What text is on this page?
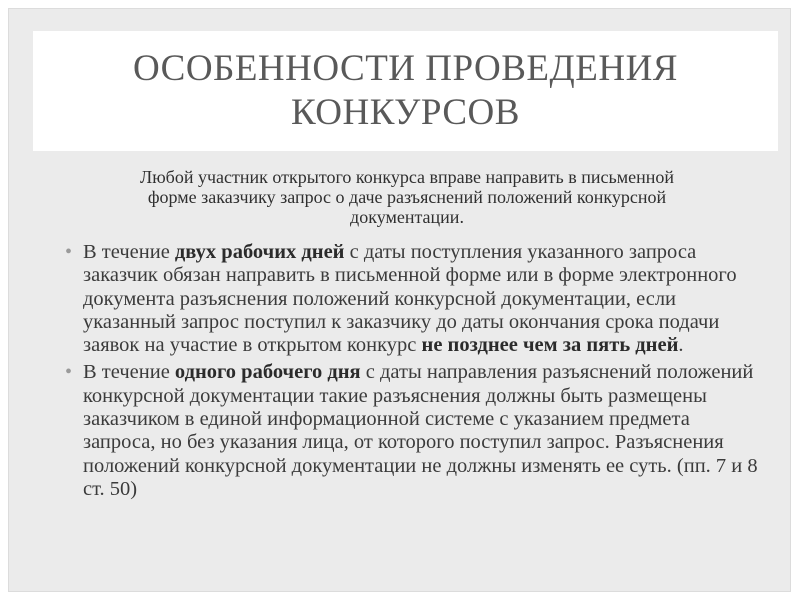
ОСОБЕННОСТИ ПРОВЕДЕНИЯ
КОНКУРСОВ
Любой участник открытого конкурса вправе направить в письменной
форме заказчику запрос о даче разъяснений положений конкурсной
документации.
• В течение двух рабочих дней с даты поступления указанного запроса заказчик обязан направить в письменной форме или в форме электронного документа разъяснения положений конкурсной документации, если указанный запрос поступил к заказчику до даты окончания срока подачи заявок на участие в открытом конкурс не позднее чем за пять дней.
• В течение одного рабочего дня с даты направления разъяснений положений конкурсной документации такие разъяснения должны быть размещены заказчиком в единой информационной системе с указанием предмета запроса, но без указания лица, от которого поступил запрос. Разъяснения положений конкурсной документации не должны изменять ее суть. (пп. 7 и 8 ст. 50)
